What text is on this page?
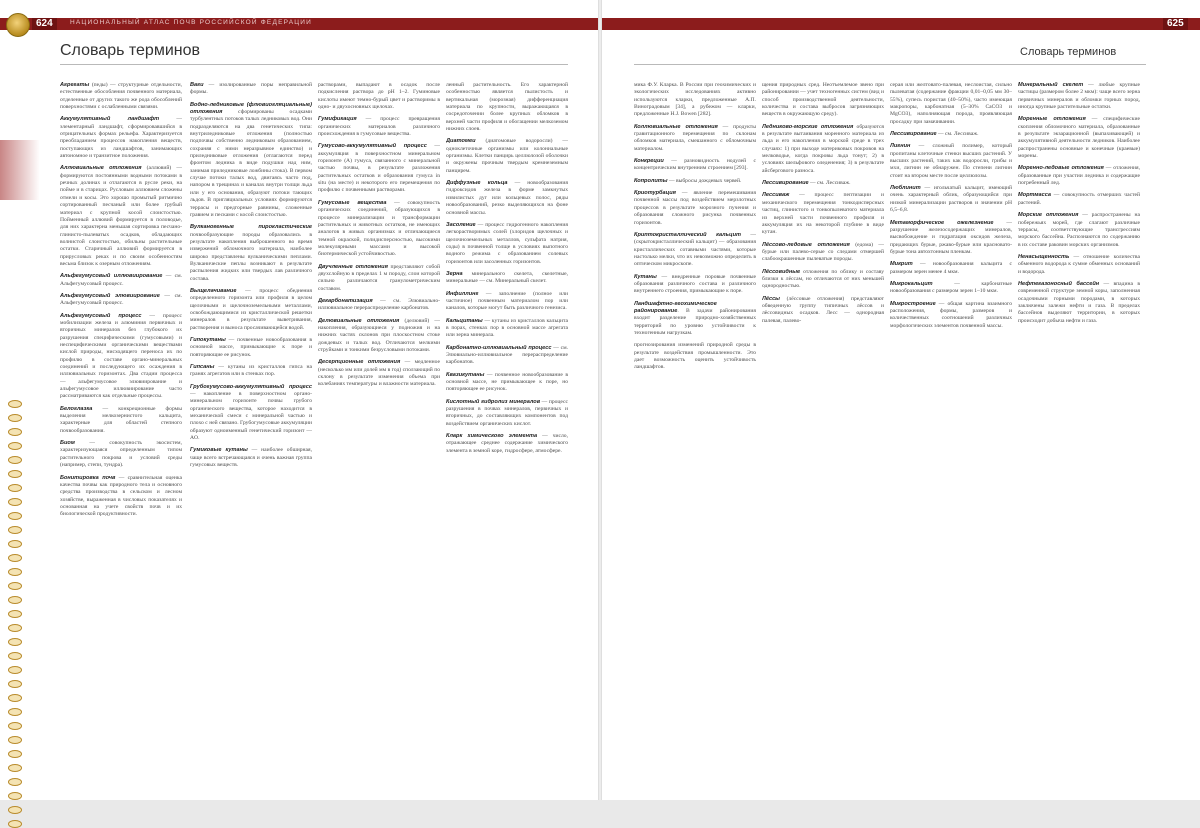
НАЦИОНАЛЬНЫЙ АТЛАС ПОЧВ РОССИЙСКОЙ ФЕДЕРАЦИИ
624	625
Словарь терминов	Словарь терминов

Агрегаты (педы) — структурные отдельности, естественные обособления почвенного материала, отделенные от других такого же рода обособлений поверхностями с ослабленными связями.

Аккумулятивный ландшафт — элементарный ландшафт, сформировавшийся в отрицательных формах рельефа. Характеризуется преобладанием процессов накопления веществ, поступающих из ландшафтов, занимающих автономное и транзитное положения.

Аллювиальные отложения (аллювий) — формируются постоянными водными потоками в речных долинах и отлагаются в русле реки, на пойме и в старицах. Русловым аллювием сложены отмели и косы. Это хорошо промытый ритмично сортированный песчаный или более грубый материал с крупной косой слоистостью. Пойменный аллювий формируется в половодье, для них характерна меньшая сортировка песчано-глинисто-пылеватых осадков, обладающих волнистой слоистостью, обильны растительные остатки. Старичный аллювий формируется в прирусловых реках и по своим особенностям весьма близок к озерным отложениям.

Альфегумусовый иллювиирование — см. Альфегумусовый процесс.

Альфегумусовый элювиирование — см. Альфегумусовый процесс.

Альфегумусовый процесс — процесс мобилизации железа и алюминия первичных и вторичных минералов без глубокого их разрушения специфическими (гумусовыми) и неспецифическими органическими веществами кислой природы, нисходящего переноса их по профилю в составе органо-минеральных соединений и последующего их осаждения в иллювиальных горизонтах. Два стадии процесса — альфегумусовое элювиирование и альфегумусовое иллювиирование часто рассматриваются как отдельные процессы.

Белоглазка — конкреционные формы выделения мелкозернистого кальцита, характерные для областей степного почвообразования.

Биом — совокупность экосистем, характеризующаяся определенным типом растительного покрова и условий среды (например, степи, тундра).

Бонитировка почв — сравнительная оценка качества почвы как природного тела и основного средства производства в сельском и лесном хозяйстве, выраженная в числовых показателях и основанная на учете свойств почв и их биологической продуктивности.

Ваги — изолированные поры неправильной формы.

Водно-ледниковые (флювиогляциальные) отложения сформированы осадками турбулентных потоков талых ледниковых вод. Они подразделяются на два генетических типа: внутриледниковые отложения (полностью подпочвы собственно ледниковым образованием, сохраняя с ними неразрывное единство) и приледниковые отложения (отлагаются перед фронтом ледника в виде подушки над ним, занимая приледниковые ложбины стока). В первом случае потоки талых вод, двигаясь часто под, напором в трещинах и каналах внутри толщи льда или у его основания, образуют потоки тающих льдов. В пригляциальных условиях формируются террасы и предгорные равнины, сложенные гравием и песками с косой слоистостью.

Вулканогенные пирокластические почвообразующие породы образовались в результате накопления выброшенного во время извержений обломочного материала, наиболее широко представлены вулканическими пеплами. Вулканические пеплы возникают в результате распыления жидких или твердых лав различного состава.

Выщелачивание — процесс обеднения определенного горизонта или профиля в целом щелочными и щелочноземельными металлами, освобождающимися из кристаллической решетки минералов в результате выветривания, растворения и выноса просачивающейся водой.

Гипокутаны — почвенные новообразования в основной массе, примыкающие к поре и повторяющие ее рисунок.

Гипсаны — кутаны из кристаллов гипса на гранях агрегатов или в стенках пор.

Грубогумусово-аккумулятивный процесс — накопление в поверхностном органо-минеральном горизонте почвы грубого органического вещества, которое находится в механической смеси с минеральной частью и плохо с ней связано. Грубогумусовые аккумуляции образуют одноименный генетический горизонт — AO.

Гумиковые кутаны — наиболее обширная, чаще всего встречающаяся и очень важная группа гумусовых веществ.

растворами, выпадают в осадок после подкисления раствора до pH 1–2. Гуминовые кислоты имеют темно-бурый цвет и растворимы в одно- и двухосновных щелочах.

Гумификация — процесс превращения органических материалов различного происхождения в гумусовые вещества.

Гумусово-аккумулятивный процесс — аккумуляция в поверхностном минеральном горизонте (A) гумуса, связанного с минеральной частью почвы, в результате разложения растительных остатков и образования гумуса in situ (на месте) и некоторого его перемещения по профилю с почвенными растворами.

Гумусовые вещества — совокупность органических соединений, образующихся в процессе минерализации и трансформации растительных и животных остатков, не имеющих аналогов в живых организмах и отличающиеся темной окраской, полидисперсностью, высокими молекулярными массами и высокой биотермической устойчивостью.

Двучленные отложения представляют собой двухслойную в пределах 1 м породу, слои которой сильно различаются гранулометрическим составом.

Декарбонатизация — см. Элювиально-иллювиальное перераспределение карбонатов.

Делювиальные отложения (делювий) — накопления, образующиеся у подножия и на нижних частях склонов при плоскостном стоке дождевых и талых вод. Отличаются мелкими струйками и тонкими безрусловыми потоками.

Десерпционные отложения — медленное (несколько мм или долей мм в год) сползающий по склону в результате изменения объема при колебаниях температуры и влажности материала.

ленный растительность. Его характерной особенностью является пылистость и вертикальная (морозная) дифференциация материала по крупности, выражающаяся в сосредоточении более крупных обломков в верхней части профиля и обогащении мелкоземом нижних слоев.

Диатомеи (диатомовые водоросли) — одноклеточные организмы или колониальные организмы. Клетки панцирь целлюлозой оболочки и окружены прочным твердым кремнеземным панцирем.

Диффузные кольца — новообразования гидроксидов железа в форме замкнутых извилистых дуг или кольцевых полос, ряды новообразований, резко выделяющихся на фоне основной массы.

Засоление — процесс гидрогенного накопления легкорастворимых солей (хлоридов щелочных и щелочноземельных металлов, сульфата натрия, соды) в почвенной толще в условиях выпотного водного режима с образованием солевых горизонтов или засоленных горизонтов.

Зерна минерального скелета, скелетные, минеральные — см. Минеральный скелет.

Инфиллинг — заполнение (полное или частичное) почвенным материалом пор или каналов, которые могут быть различного генезиса.

Кальцитаны — кутаны из кристаллов кальцита в порах, стенках пор в основной массе агрегата или зерна минерала.

Карбонатно-иллювиальный процесс — см. Элювиально-иллювиальное перераспределение карбонатов.

Квазикутаны — почвенное новообразование в основной массе, не примыкающее к поре, но повторяющее ее рисунок.

Кислотный гидролиз минералов — процесс разрушения в почвах минералов, первичных и вторичных, до составляющих компонентов под воздействием органических кислот.

Кларк химического элемента — число, отражающее среднее содержание химического элемента в земной коре, гидросфере, атмосфере.

мика Ф.У. Кларка. В России при геохимических и экологических исследованиях активно используются кларки, предложенные А.П. Виноградовым [34], а рубежом — кларки, предложенные H.J. Bowen [282].

Коллювиальные отложения — продукты гравитационного перемещения по склонам обломков материала, смешанного с обломочным материалом.

Конкреции — разновидность нодулей с концентрическим внутренним строением [293].

Копролиты — выбросы дождевых червей.

Криотурбация — явление перемешивания почвенной массы под воздействием мерзлотных процессов в результате морозного пучения и образования сложного рисунка почвенных горизонтов.

Криптокристаллический кальцит — (скрытокристаллический кальцит) — образования кристаллических сотавными частями, которые настолько мелки, что их невозможно определить в оптическом микроскопе.

Кутаны — внедренные поровые почвенные образования различного состава и различного внутреннего строения, примыкающие к поре.

Ландшафтно-геохимическое районирование. В задачи районирования входит разделение природно-хозяйственных территорий по уровню устойчивости к техногенным нагрузкам.

прогнозирования изменений природной среды в результате воздействия промышленности. Это дает возможность оценить устойчивость ландшафтов.

щения природных сред. Неотъемлемое звено при районировании — учет техногенных систем (вид и способ производственной деятельности, количества и состава выбросов загрязняющих веществ в окружающую среду).

Ледниково-морские отложения образуются в результате вытаивания моренного материала из льда и его накопления в морской среде в трех случаях: 1) при выходе материковых покровов на мелководье, когда покровы льда тонут; 2) в условиях шельфового оледенения; 3) в результате айсбергового разноса.

Лессивирование — см. Лессиваж.

Лессиваж — процесс пептизации и механического перемещения тонкодисперсных частиц, глинистого и тонкопылеватого материала из верхней части почвенного профиля и аккумуляция их на некоторой глубине в виде кутан.

Лёссово-ледовые отложения (едома) — бурые или палево-серые со следами отмершей слабоокрашенные пылеватые породы.

Лёссовидные отложения по облику и составу близки к лёссам, но отличаются от них меньшей однородностью.

Лёссы (лёссовые отложения) представляют обведенную группу типичных лёссов и лёссовидных осадков. Лесс — однородная палевая, палево-

серая или желтовато-палевая, неслоистая, сильно пылеватая (содержание фракции 0,01–0,05 мм 30–55%), супесь пористая (40–50%), часто имеющая макропоры, карбонатная (5–30% CaCO3 и MgCO3), наполняющая порода, проявляющая просадку при замачивании.

Лессивирование — см. Лессиваж.

Лигнин — сложный полимер, который пропитаны клеточные стенки высших растений. У высших растений, таких как водоросли, грибы и мхи, лигнин не обнаружен. По степени лигнин стоит на втором месте после целлюлозы.

Люблинит — игольчатый кальцит, имеющий очень характерный облик, образующийся при низкой минерализации растворов и значении pH 6,5–6,8.

Метаморфическое ожелезнение — разрушение железосодержащих минералов, высвобождение и гидратация оксидов железа, придающих бурые, ржаво-бурые или красновато-бурые тона автохтонным пленкам.

Микрит — новообразования кальцита с размером зерен менее 4 мкм.

Микрокальцит — карбонатные новообразования с размером зерен 1–10 мкм.

Микростроение — общая картина взаимного расположения, формы, размеров и количественных соотношений различных морфологических элементов почвенной массы.

Минеральный скелет — любые крупные частицы (размером более 2 мкм): чаще всего зерна первичных минералов и обломки горных пород, иногда крупные растительные остатки.

Моренные отложения — специфические скопления обломочного материала, образованные в результате экзарационной (выпахивающей) и аккумулятивной деятельности ледников. Наиболее распространены основные и конечные (краевые) морены.

Моренно-ледовые отложения — отложения, образованные при участии ледника и содержащие погребенный лед.

Мортмасса — совокупность отмерших частей растений.

Морские отложения — распространены на побережьях морей, где слагают различные террасы, соответствующие трансгрессиям морского бассейна. Распознаются по содержанию в их составе раковин морских организмов.

Ненасыщенность — отношение количества обменного водорода к сумме обменных оснований и водорода.

Нефтегазоносный бассейн — впадина в современной структуре земной коры, заполненная осадочными горными породами, в которых заключены залежи нефти и газа. В пределах бассейнов выделяют территории, в которых происходит добыча нефти и газа.
